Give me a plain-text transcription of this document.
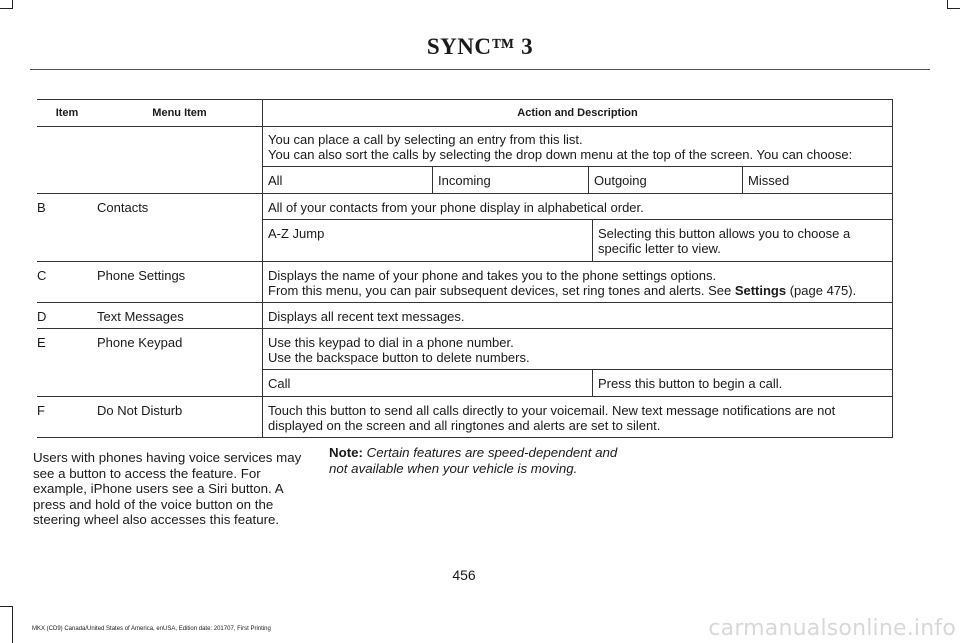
SYNC™ 3
Item	Menu Item	Action and Description

You can place a call by selecting an entry from this list.
You can also sort the calls by selecting the drop down menu at the top of the screen. You can choose:
All	Incoming	Outgoing	Missed

B	Contacts	All of your contacts from your phone display in alphabetical order.
A-Z Jump	Selecting this button allows you to choose a specific letter to view.

C	Phone Settings	Displays the name of your phone and takes you to the phone settings options.
From this menu, you can pair subsequent devices, set ring tones and alerts. See Settings (page 475).

D	Text Messages	Displays all recent text messages.

E	Phone Keypad	Use this keypad to dial in a phone number.
Use the backspace button to delete numbers.
Call	Press this button to begin a call.

F	Do Not Disturb	Touch this button to send all calls directly to your voicemail. New text message notifications are not displayed on the screen and all ringtones and alerts are set to silent.
Users with phones having voice services may see a button to access the feature. For example, iPhone users see a Siri button. A press and hold of the voice button on the steering wheel also accesses this feature.
Note: Certain features are speed-dependent and not available when your vehicle is moving.
456
MKX (CD9) Canada/United States of America, enUSA, Edition date: 201707, First Printing	carmanualsonline.info
